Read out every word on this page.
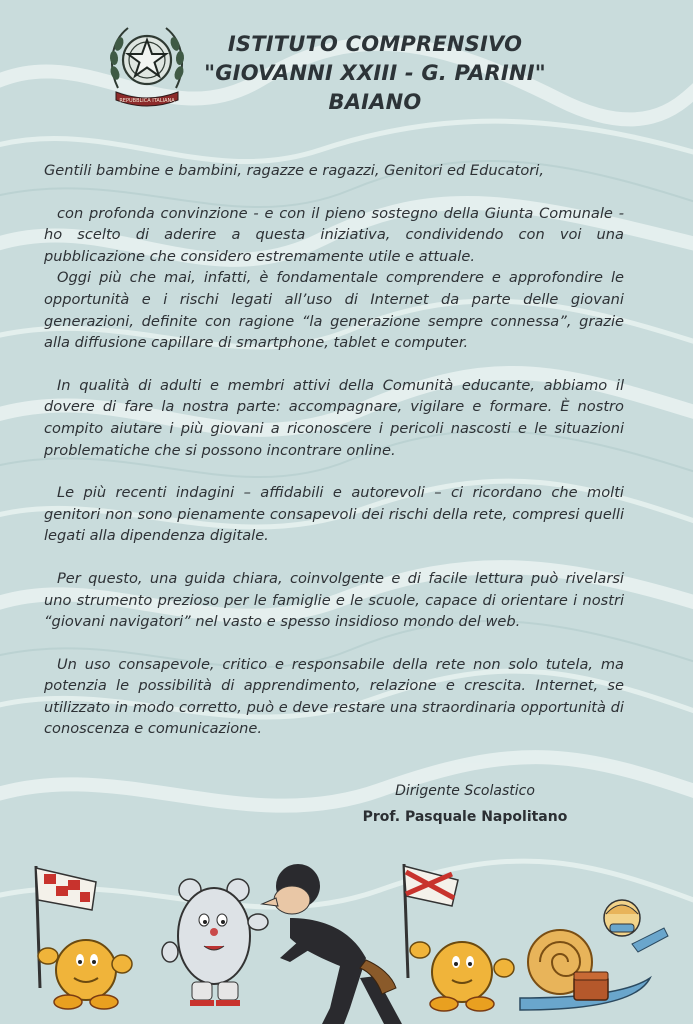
REPUBBLICA ITALIANA
ISTITUTO COMPRENSIVO
"GIOVANNI XXIII - G. PARINI"
BAIANO

Gentili bambine e bambini, ragazze e ragazzi, Genitori ed Educatori,

con profonda convinzione - e con il pieno sostegno della Giunta Comunale - ho scelto di aderire a questa iniziativa, condividendo con voi una pubblicazione che considero estremamente utile e attuale.

Oggi più che mai, infatti, è fondamentale comprendere e approfondire le opportunità e i rischi legati all’uso di Internet da parte delle giovani generazioni, definite con ragione “la generazione sempre connessa”, grazie alla diffusione capillare di smartphone, tablet e computer.

In qualità di adulti e membri attivi della Comunità educante, abbiamo il dovere di fare la nostra parte: accompagnare, vigilare e formare. È nostro compito aiutare i più giovani a riconoscere i pericoli nascosti e le situazioni problematiche che si possono incontrare online.

Le più recenti indagini – affidabili e autorevoli – ci ricordano che molti genitori non sono pienamente consapevoli dei rischi della rete, compresi quelli legati alla dipendenza digitale.

Per questo, una guida chiara, coinvolgente e di facile lettura può rivelarsi uno strumento prezioso per le famiglie e le scuole, capace di orientare i nostri “giovani navigatori” nel vasto e spesso insidioso mondo del web.

Un uso consapevole, critico e responsabile della rete non solo tutela, ma potenzia le possibilità di apprendimento, relazione e crescita. Internet, se utilizzato in modo corretto, può e deve restare una straordinaria opportunità di conoscenza e comunicazione.

Dirigente Scolastico
Prof. Pasquale Napolitano
